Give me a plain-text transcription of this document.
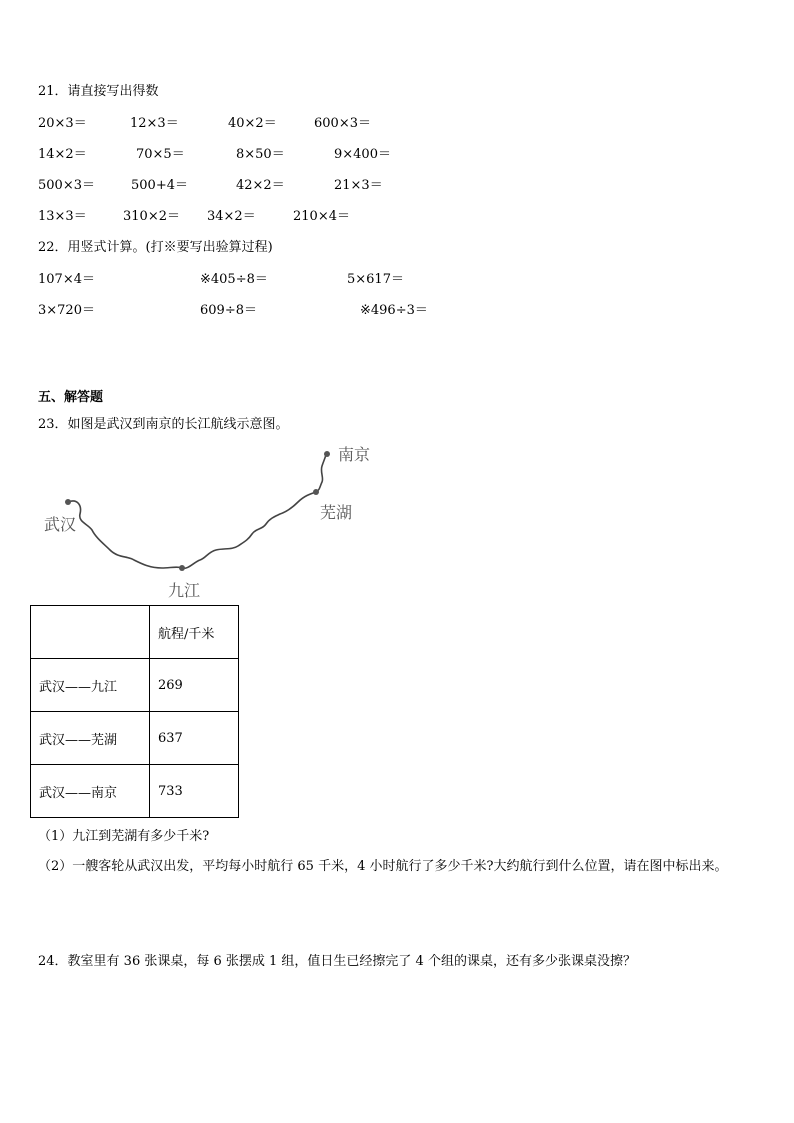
21．请直接写出得数
20×3＝	12×3＝	40×2＝	600×3＝
14×2＝	70×5＝	8×50＝	9×400＝
500×3＝	500+4＝	42×2＝	21×3＝
13×3＝	310×2＝ 34×2＝	210×4＝
22．用竖式计算。(打※要写出验算过程)
107×4＝	※405÷8＝	5×617＝
3×720＝	609÷8＝	※496÷3＝
五、解答题
23．如图是武汉到南京的长江航线示意图。
武汉
九江
芜湖
南京
	航程/千米
武汉——九江	269
武汉——芜湖	637
武汉——南京	733
（1）九江到芜湖有多少千米?
（2）一艘客轮从武汉出发，平均每小时航行 65 千米，4 小时航行了多少千米?大约航行到什么位置，请在图中标出来。
24．教室里有 36 张课桌，每 6 张摆成 1 组，值日生已经擦完了 4 个组的课桌，还有多少张课桌没擦？
